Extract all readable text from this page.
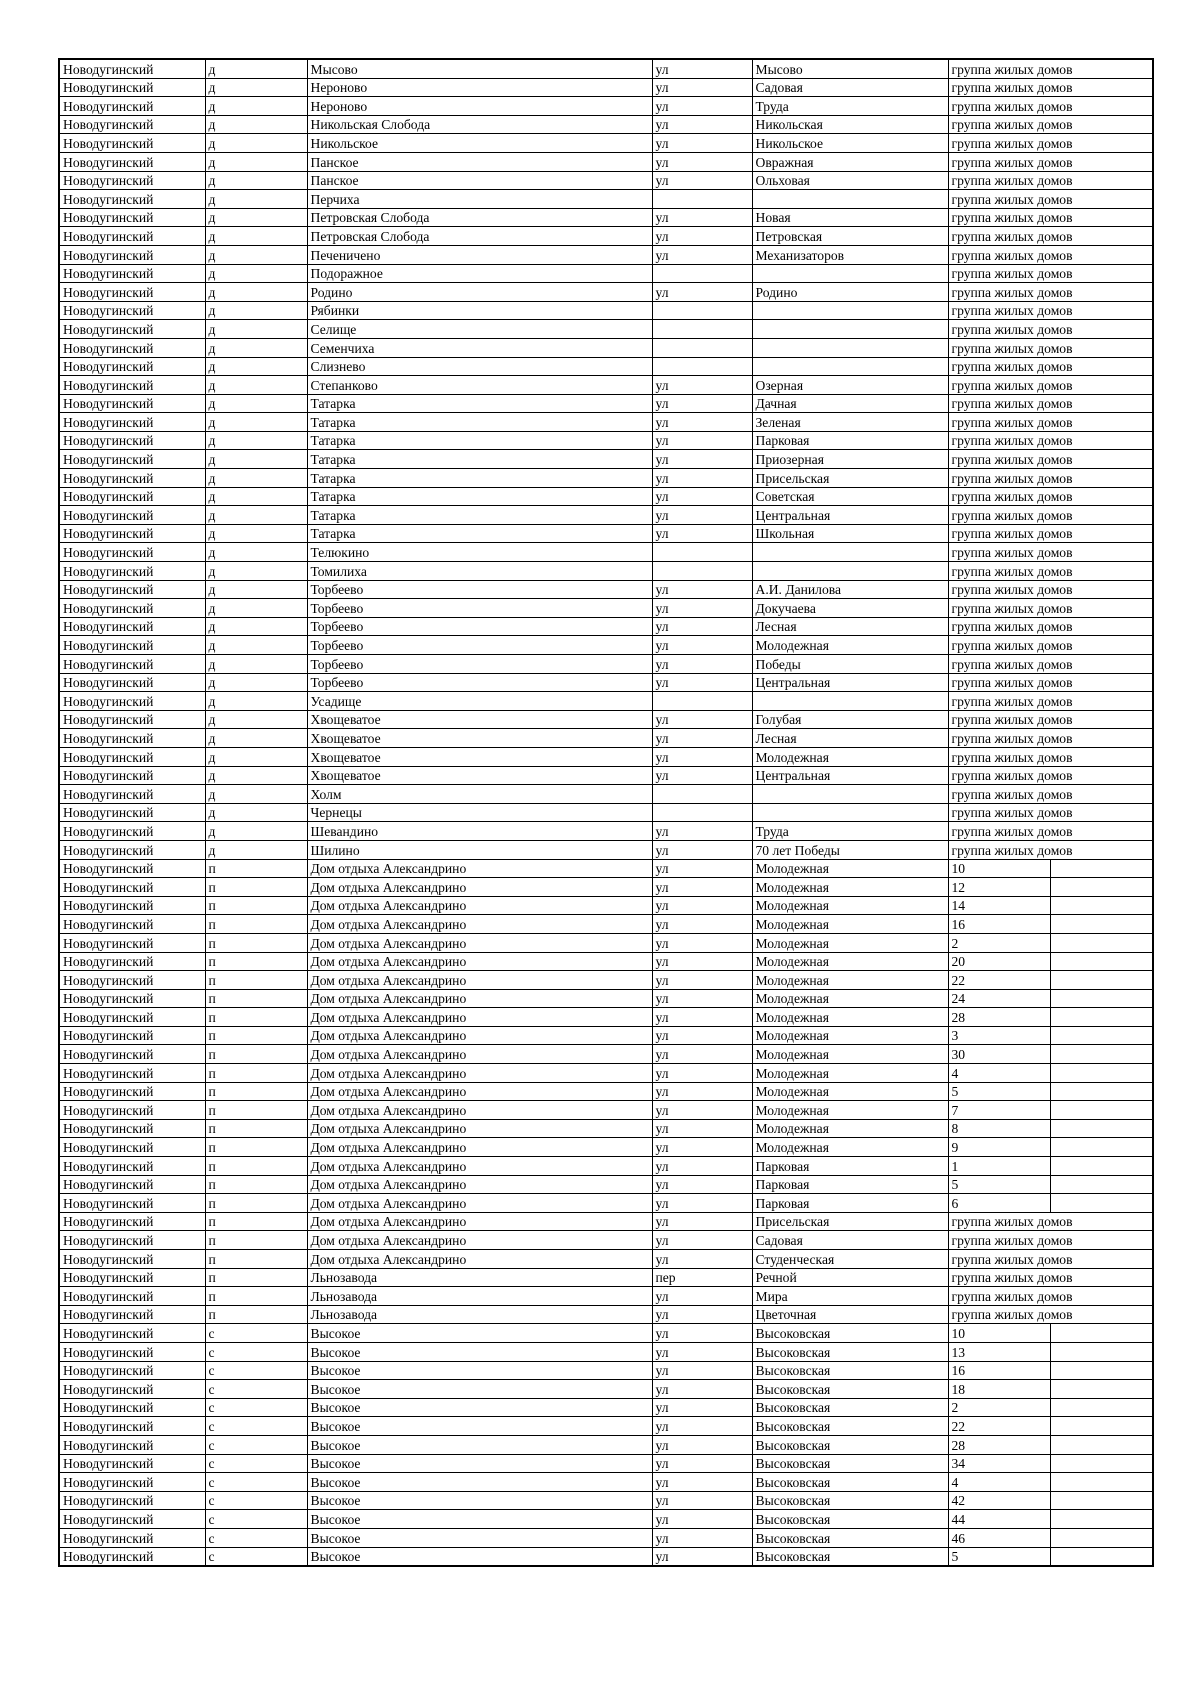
Новодугинский	д	Мысово	ул	Мысово	группа жилых домов	
Новодугинский	д	Нероново	ул	Садовая	группа жилых домов	
Новодугинский	д	Нероново	ул	Труда	группа жилых домов	
Новодугинский	д	Никольская Слобода	ул	Никольская	группа жилых домов	
Новодугинский	д	Никольское	ул	Никольское	группа жилых домов	
Новодугинский	д	Панское	ул	Овражная	группа жилых домов	
Новодугинский	д	Панское	ул	Ольховая	группа жилых домов	
Новодугинский	д	Перчиха			группа жилых домов	
Новодугинский	д	Петровская Слобода	ул	Новая	группа жилых домов	
Новодугинский	д	Петровская Слобода	ул	Петровская	группа жилых домов	
Новодугинский	д	Печеничено	ул	Механизаторов	группа жилых домов	
Новодугинский	д	Подоражное			группа жилых домов	
Новодугинский	д	Родино	ул	Родино	группа жилых домов	
Новодугинский	д	Рябинки			группа жилых домов	
Новодугинский	д	Селище			группа жилых домов	
Новодугинский	д	Семенчиха			группа жилых домов	
Новодугинский	д	Слизнево			группа жилых домов	
Новодугинский	д	Степанково	ул	Озерная	группа жилых домов	
Новодугинский	д	Татарка	ул	Дачная	группа жилых домов	
Новодугинский	д	Татарка	ул	Зеленая	группа жилых домов	
Новодугинский	д	Татарка	ул	Парковая	группа жилых домов	
Новодугинский	д	Татарка	ул	Приозерная	группа жилых домов	
Новодугинский	д	Татарка	ул	Присельская	группа жилых домов	
Новодугинский	д	Татарка	ул	Советская	группа жилых домов	
Новодугинский	д	Татарка	ул	Центральная	группа жилых домов	
Новодугинский	д	Татарка	ул	Школьная	группа жилых домов	
Новодугинский	д	Телюкино			группа жилых домов	
Новодугинский	д	Томилиха			группа жилых домов	
Новодугинский	д	Торбеево	ул	А.И. Данилова	группа жилых домов	
Новодугинский	д	Торбеево	ул	Докучаева	группа жилых домов	
Новодугинский	д	Торбеево	ул	Лесная	группа жилых домов	
Новодугинский	д	Торбеево	ул	Молодежная	группа жилых домов	
Новодугинский	д	Торбеево	ул	Победы	группа жилых домов	
Новодугинский	д	Торбеево	ул	Центральная	группа жилых домов	
Новодугинский	д	Усадище			группа жилых домов	
Новодугинский	д	Хвощеватое	ул	Голубая	группа жилых домов	
Новодугинский	д	Хвощеватое	ул	Лесная	группа жилых домов	
Новодугинский	д	Хвощеватое	ул	Молодежная	группа жилых домов	
Новодугинский	д	Хвощеватое	ул	Центральная	группа жилых домов	
Новодугинский	д	Холм			группа жилых домов	
Новодугинский	д	Чернецы			группа жилых домов	
Новодугинский	д	Шевандино	ул	Труда	группа жилых домов	
Новодугинский	д	Шилино	ул	70 лет Победы	группа жилых домов	
Новодугинский	п	Дом отдыха Александрино	ул	Молодежная	10	
Новодугинский	п	Дом отдыха Александрино	ул	Молодежная	12	
Новодугинский	п	Дом отдыха Александрино	ул	Молодежная	14	
Новодугинский	п	Дом отдыха Александрино	ул	Молодежная	16	
Новодугинский	п	Дом отдыха Александрино	ул	Молодежная	2	
Новодугинский	п	Дом отдыха Александрино	ул	Молодежная	20	
Новодугинский	п	Дом отдыха Александрино	ул	Молодежная	22	
Новодугинский	п	Дом отдыха Александрино	ул	Молодежная	24	
Новодугинский	п	Дом отдыха Александрино	ул	Молодежная	28	
Новодугинский	п	Дом отдыха Александрино	ул	Молодежная	3	
Новодугинский	п	Дом отдыха Александрино	ул	Молодежная	30	
Новодугинский	п	Дом отдыха Александрино	ул	Молодежная	4	
Новодугинский	п	Дом отдыха Александрино	ул	Молодежная	5	
Новодугинский	п	Дом отдыха Александрино	ул	Молодежная	7	
Новодугинский	п	Дом отдыха Александрино	ул	Молодежная	8	
Новодугинский	п	Дом отдыха Александрино	ул	Молодежная	9	
Новодугинский	п	Дом отдыха Александрино	ул	Парковая	1	
Новодугинский	п	Дом отдыха Александрино	ул	Парковая	5	
Новодугинский	п	Дом отдыха Александрино	ул	Парковая	6	
Новодугинский	п	Дом отдыха Александрино	ул	Присельская	группа жилых домов	
Новодугинский	п	Дом отдыха Александрино	ул	Садовая	группа жилых домов	
Новодугинский	п	Дом отдыха Александрино	ул	Студенческая	группа жилых домов	
Новодугинский	п	Льнозавода	пер	Речной	группа жилых домов	
Новодугинский	п	Льнозавода	ул	Мира	группа жилых домов	
Новодугинский	п	Льнозавода	ул	Цветочная	группа жилых домов	
Новодугинский	с	Высокое	ул	Высоковская	10	
Новодугинский	с	Высокое	ул	Высоковская	13	
Новодугинский	с	Высокое	ул	Высоковская	16	
Новодугинский	с	Высокое	ул	Высоковская	18	
Новодугинский	с	Высокое	ул	Высоковская	2	
Новодугинский	с	Высокое	ул	Высоковская	22	
Новодугинский	с	Высокое	ул	Высоковская	28	
Новодугинский	с	Высокое	ул	Высоковская	34	
Новодугинский	с	Высокое	ул	Высоковская	4	
Новодугинский	с	Высокое	ул	Высоковская	42	
Новодугинский	с	Высокое	ул	Высоковская	44	
Новодугинский	с	Высокое	ул	Высоковская	46	
Новодугинский	с	Высокое	ул	Высоковская	5	
